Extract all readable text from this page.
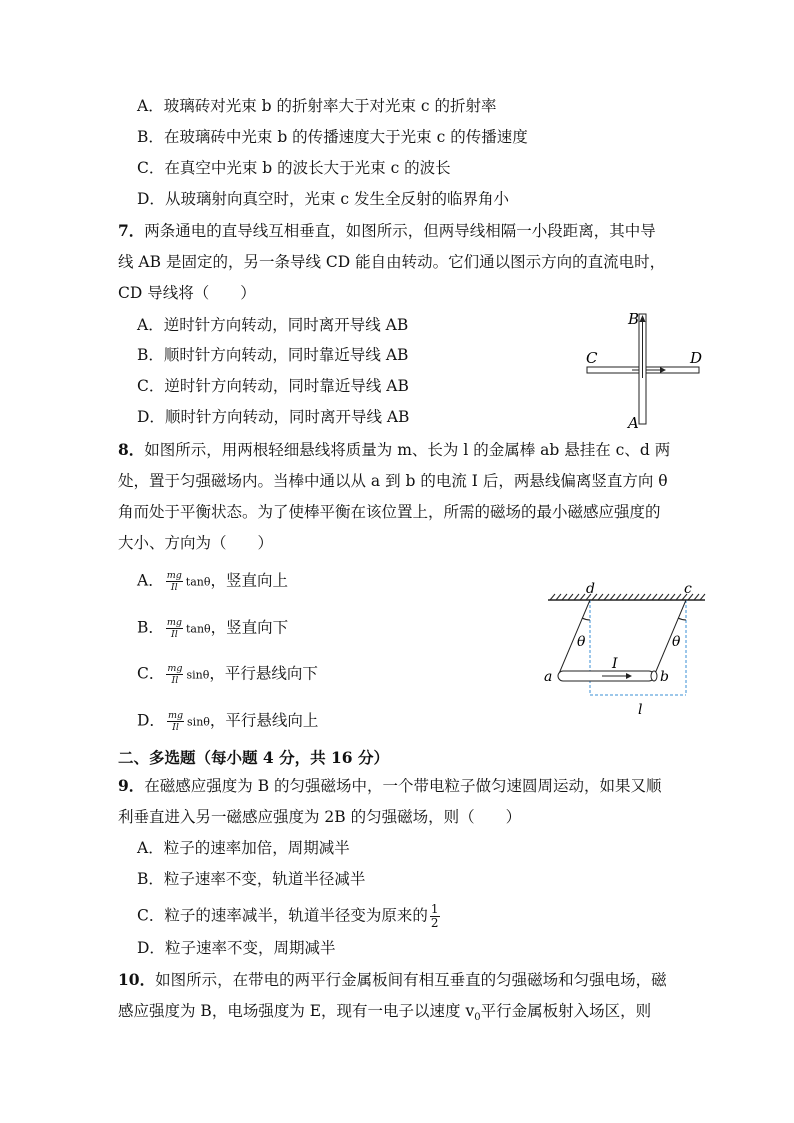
A．玻璃砖对光束 b 的折射率大于对光束 c 的折射率
B．在玻璃砖中光束 b 的传播速度大于光束 c 的传播速度
C．在真空中光束 b 的波长大于光束 c 的波长
D．从玻璃射向真空时，光束 c 发生全反射的临界角小
7．两条通电的直导线互相垂直，如图所示，但两导线相隔一小段距离，其中导
线 AB 是固定的，另一条导线 CD 能自由转动。它们通以图示方向的直流电时，
CD 导线将（　　）
A．逆时针方向转动，同时离开导线 AB
B．顺时针方向转动，同时靠近导线 AB
C．逆时针方向转动，同时靠近导线 AB
D．顺时针方向转动，同时离开导线 AB
B
A
C	D
8．如图所示，用两根轻细悬线将质量为 m、长为 l 的金属棒 ab 悬挂在 c、d 两
处，置于匀强磁场内。当棒中通以从 a 到 b 的电流 I 后，两悬线偏离竖直方向 θ
角而处于平衡状态。为了使棒平衡在该位置上，所需的磁场的最小磁感应强度的
大小、方向为（　　）
A． $\frac{mg}{Il}$ tanθ，竖直向上
B． $\frac{mg}{Il}$ tanθ，竖直向下
C． $\frac{mg}{Il}$ sinθ，平行悬线向下
D． $\frac{mg}{Il}$ sinθ，平行悬线向上
θ	θ
d	c
a	b
I
l
二、多选题（每小题 4 分，共 16 分）
9．在磁感应强度为 B 的匀强磁场中，一个带电粒子做匀速圆周运动，如果又顺
利垂直进入另一磁感应强度为 2B 的匀强磁场，则（　　）
A．粒子的速率加倍，周期减半
B．粒子速率不变，轨道半径减半
C．粒子的速率减半，轨道半径变为原来的 $\frac{1}{2}$
D．粒子速率不变，周期减半
10．如图所示，在带电的两平行金属板间有相互垂直的匀强磁场和匀强电场，磁
感应强度为 B，电场强度为 E，现有一电子以速度 $v_0$平行金属板射入场区，则
